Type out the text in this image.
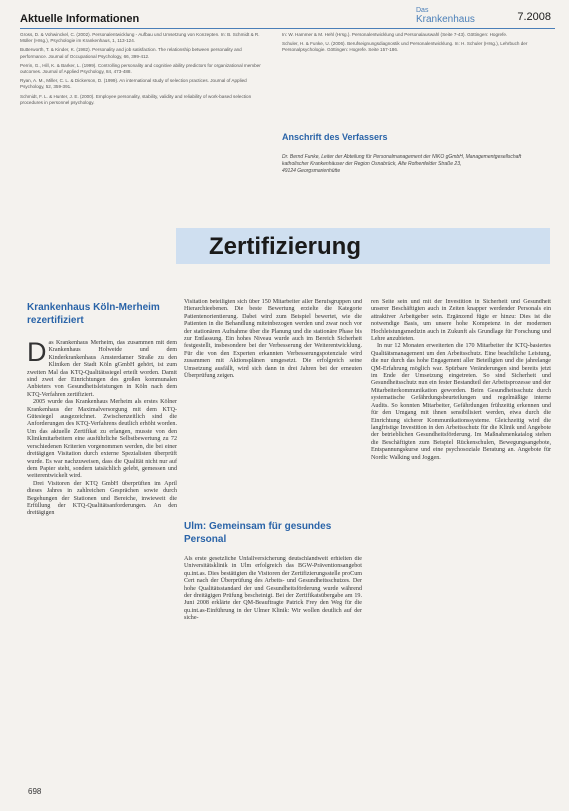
Aktuelle Informationen
Das
Krankenhaus	7.2008

Gross, D. & Vohwinckel, C. (2002). Personalentwicklung - Aufbau und Umsetzung von Konzepten. In: B. Schmidt & R. Müller (Hrsg.), Psychologie im Krankenhaus, 1, 113-124.

Butterworth, T. & Kinder, K. (1982). Personality and job satisfaction. The relationship between personality and performance. Journal of Occupational Psychology, 66, 399-412.

Perrin, G., Hill, K. & Barker, L. (1999). Controlling personality and cognitive ability predictors for organizational member outcomes. Journal of Applied Psychology, 84, 473-488.

Ryan, A. M., Miller, C. L. & Dickerson, D. (1999). An international study of selection practices. Journal of Applied Psychology, 52, 359-391.

Schmidt, F. L. & Hunter, J. E. (2000). Employee personality, stability, validity and reliability of work-based selection procedures in personnel psychology.

In: W. Hammer & M. Hehl (Hrsg.). Personalentwicklung und Personalauswahl (Seite 7-43). Göttingen: Hogrefe.

Schuler, H. & Funke, U. (2006). Berufseignungsdiagnostik und Personalentwicklung. In: H. Schuler (Hrsg.), Lehrbuch der Personalpsychologie. Göttingen: Hogrefe. Seite 157-186.

Anschrift des Verfassers
Dr. Bernd Funke, Leiter der Abteilung für Personalmanagement der NIKO gGmbH, Managementgesellschaft katholischer Krankenhäuser der Region Osnabrück, Alte Rothenfelder Straße 23,
49124 Georgsmarienhütte
Zertifizierung
Krankenhaus Köln-Merheim rezertifiziert

Das Krankenhaus Merheim, das zusammen mit dem Krankenhaus Holweide und dem Kinderkrankenhaus Amsterdamer Straße zu den Kliniken der Stadt Köln gGmbH gehört, ist zum zweiten Mal das KTQ-Qualitätssiegel erteilt worden. Damit sind zwei der Einrichtungen des großen kommunalen Anbieters von Gesundheitsleistungen in Köln nach dem KTQ-Verfahren zertifiziert.

2005 wurde das Krankenhaus Merheim als erstes Kölner Krankenhaus der Maximalversorgung mit dem KTQ-Gütesiegel ausgezeichnet. Zwischenzeitlich sind die Anforderungen des KTQ-Verfahrens deutlich erhöht worden. Um das aktuelle Zertifikat zu erlangen, musste von den Klinikmitarbeitern eine ausführliche Selbstbewertung zu 72 verschiedenen Kriterien vorgenommen werden, die bei einer dreitägigen Visitation durch externe Spezialisten überprüft wurde. Es war nachzuweisen, dass die Qualität nicht nur auf dem Papier steht, sondern tatsächlich gelebt, gemessen und weiterentwickelt wird.

Drei Visitoren der KTQ GmbH überprüften im April dieses Jahres in zahlreichen Gesprächen sowie durch Begehungen der Stationen und Bereiche, inwieweit die Erfüllung der KTQ-Qualitätsanforderungen. An den dreitägigen

Visitation beteiligten sich über 150 Mitarbeiter aller Berufsgruppen und Hierarchieebenen. Die beste Bewertung erzielte die Kategorie Patientenorientierung. Dabei wird zum Beispiel bewertet, wie die Patienten in die Behandlung miteinbezogen werden und zwar noch vor der stationären Aufnahme über die Planung und die stationäre Phase bis zur Entlassung. Ein hohes Niveau wurde auch im Bereich Sicherheit festgestellt, insbesondere bei der Verbesserung der Weiterentwicklung. Für die von den Experten erkannten Verbesserungspotenziale wird zusammen mit Aktionsplänen umgesetzt. Die erfolgreich seine Umsetzung ausfällt, wird sich dann in drei Jahren bei der erneuten Überprüfung zeigen.

Ulm: Gemeinsam für gesundes Personal

Als erste gesetzliche Unfallversicherung deutschlandweit erhielten die Universitätsklinik in Ulm erfolgreich das BGW-Präventionsangebot qu.int.as. Dies bestätigten die Visitoren der Zertifizierungsstelle proCum Cert nach der Überprüfung des Arbeits- und Gesundheitsschutzes. Der hohe Qualitätsstandard der und Gesundheitsförderung wurde während der dreitägigen Prüfung bescheinigt. Bei der Zertifikatsübergabe am 19. Juni 2008 erklärte der QM-Beauftragte Patrick Frey den Weg für die qu.int.as-Einführung in der Ulmer Klinik: Wir wollen deutlich auf der siche-

ren Seite sein und mit der Investition in Sicherheit und Gesundheit unserer Beschäftigten auch in Zeiten knapper werdender Personals ein attraktiver Arbeitgeber sein. Ergänzend fügte er hinzu: Dies ist die notwendige Basis, um unsere hohe Kompetenz in der modernen Hochleistungsmedizin auch in Zukunft als Grundlage für Forschung und Lehre anzubieten.

In nur 12 Monaten erweiterten die 170 Mitarbeiter ihr KTQ-basiertes Qualitätsmanagement um den Arbeitsschutz. Eine beachtliche Leistung, die nur durch das hohe Engagement aller Beteiligten und die jahrelange QM-Erfahrung möglich war. Spürbare Veränderungen sind bereits jetzt im Ende der Umsetzung eingetreten. So sind Sicherheit und Gesundheitsschutz nun ein fester Bestandteil der Arbeitsprozesse und der Mitarbeiterkommunikation geworden. Beim Gesundheitsschutz durch systematische Gefährdungsbeurteilungen und regelmäßige interne Audits. So konnten Mitarbeiter, Gefährdungen frühzeitig erkennen und für den Umgang mit ihnen sensibilisiert werden, etwa durch die Einrichtung sicherer Kommunikationssysteme. Gleichzeitig wird die langfristige Investition in den Arbeitsschutz für die Klinik und Angebote der betrieblichen Gesundheitsförderung. Im Maßnahmenkatalog stehen die Beschäftigten zum Beispiel Rückenschulen, Bewegungsangebote, Entspannungskurse und eine psychosoziale Beratung an. Angebote für Nordic Walking und Joggen.

698
